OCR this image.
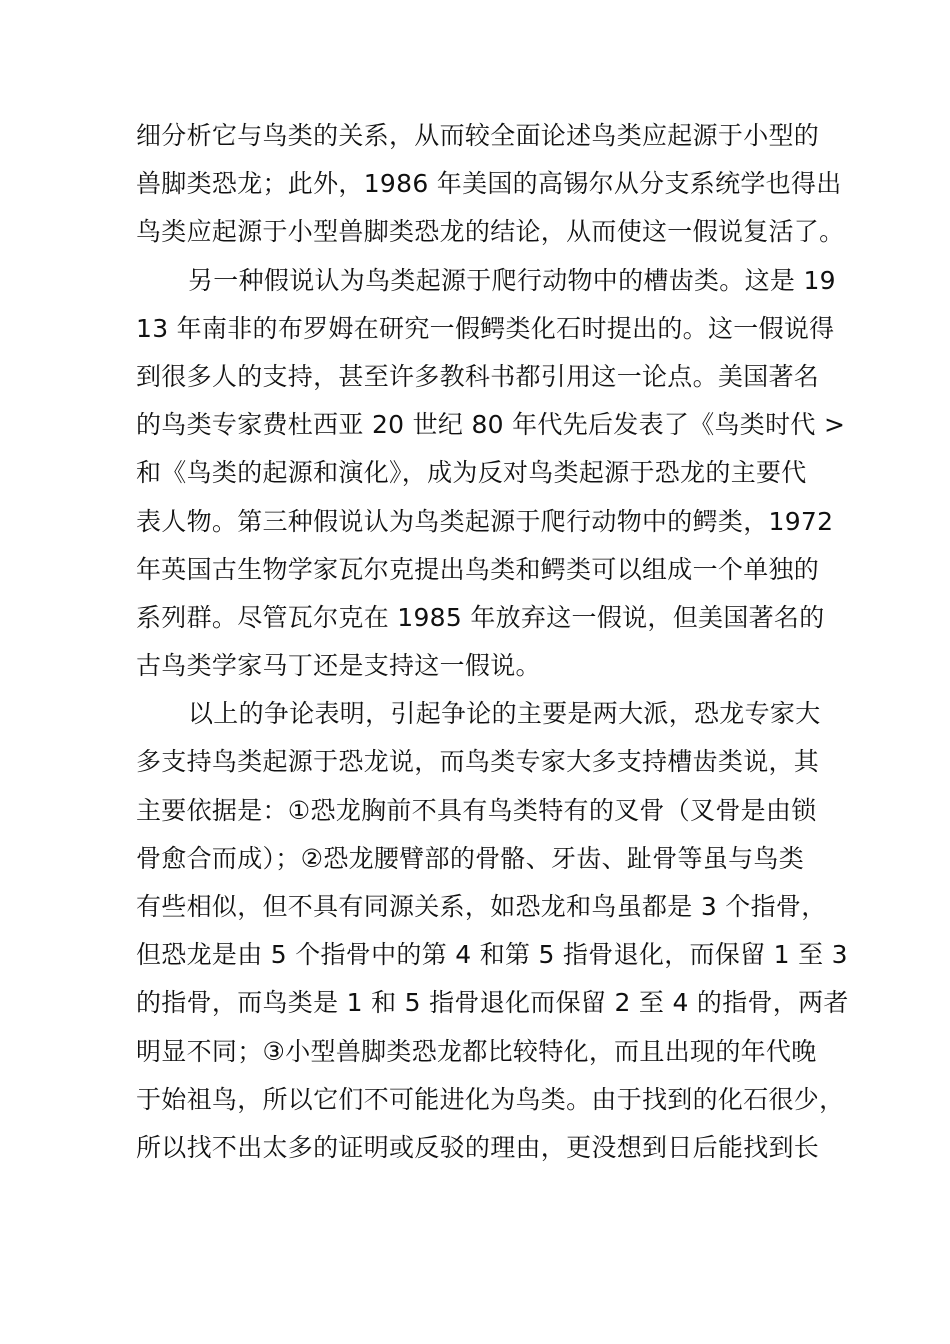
细分析它与鸟类的关系，从而较全面论述鸟类应起源于小型的
兽脚类恐龙；此外，1986 年美国的高锡尔从分支系统学也得出
鸟类应起源于小型兽脚类恐龙的结论，从而使这一假说复活了。
另一种假说认为鸟类起源于爬行动物中的槽齿类。这是 19
13 年南非的布罗姆在研究一假鳄类化石时提出的。这一假说得
到很多人的支持，甚至许多教科书都引用这一论点。美国著名
的鸟类专家费杜西亚 20 世纪 80 年代先后发表了《鸟类时代 >
和《鸟类的起源和演化》，成为反对鸟类起源于恐龙的主要代
表人物。第三种假说认为鸟类起源于爬行动物中的鳄类，1972
年英国古生物学家瓦尔克提出鸟类和鳄类可以组成一个单独的
系列群。尽管瓦尔克在 1985 年放弃这一假说，但美国著名的
古鸟类学家马丁还是支持这一假说。
以上的争论表明，引起争论的主要是两大派，恐龙专家大
多支持鸟类起源于恐龙说，而鸟类专家大多支持槽齿类说，其
主要依据是：①恐龙胸前不具有鸟类特有的叉骨（叉骨是由锁
骨愈合而成）；②恐龙腰臂部的骨骼、牙齿、趾骨等虽与鸟类
有些相似，但不具有同源关系，如恐龙和鸟虽都是 3 个指骨，
但恐龙是由 5 个指骨中的第 4 和第 5 指骨退化，而保留 1 至 3
的指骨，而鸟类是 1 和 5 指骨退化而保留 2 至 4 的指骨，两者
明显不同；③小型兽脚类恐龙都比较特化，而且出现的年代晚
于始祖鸟，所以它们不可能进化为鸟类。由于找到的化石很少，
所以找不出太多的证明或反驳的理由，更没想到日后能找到长
